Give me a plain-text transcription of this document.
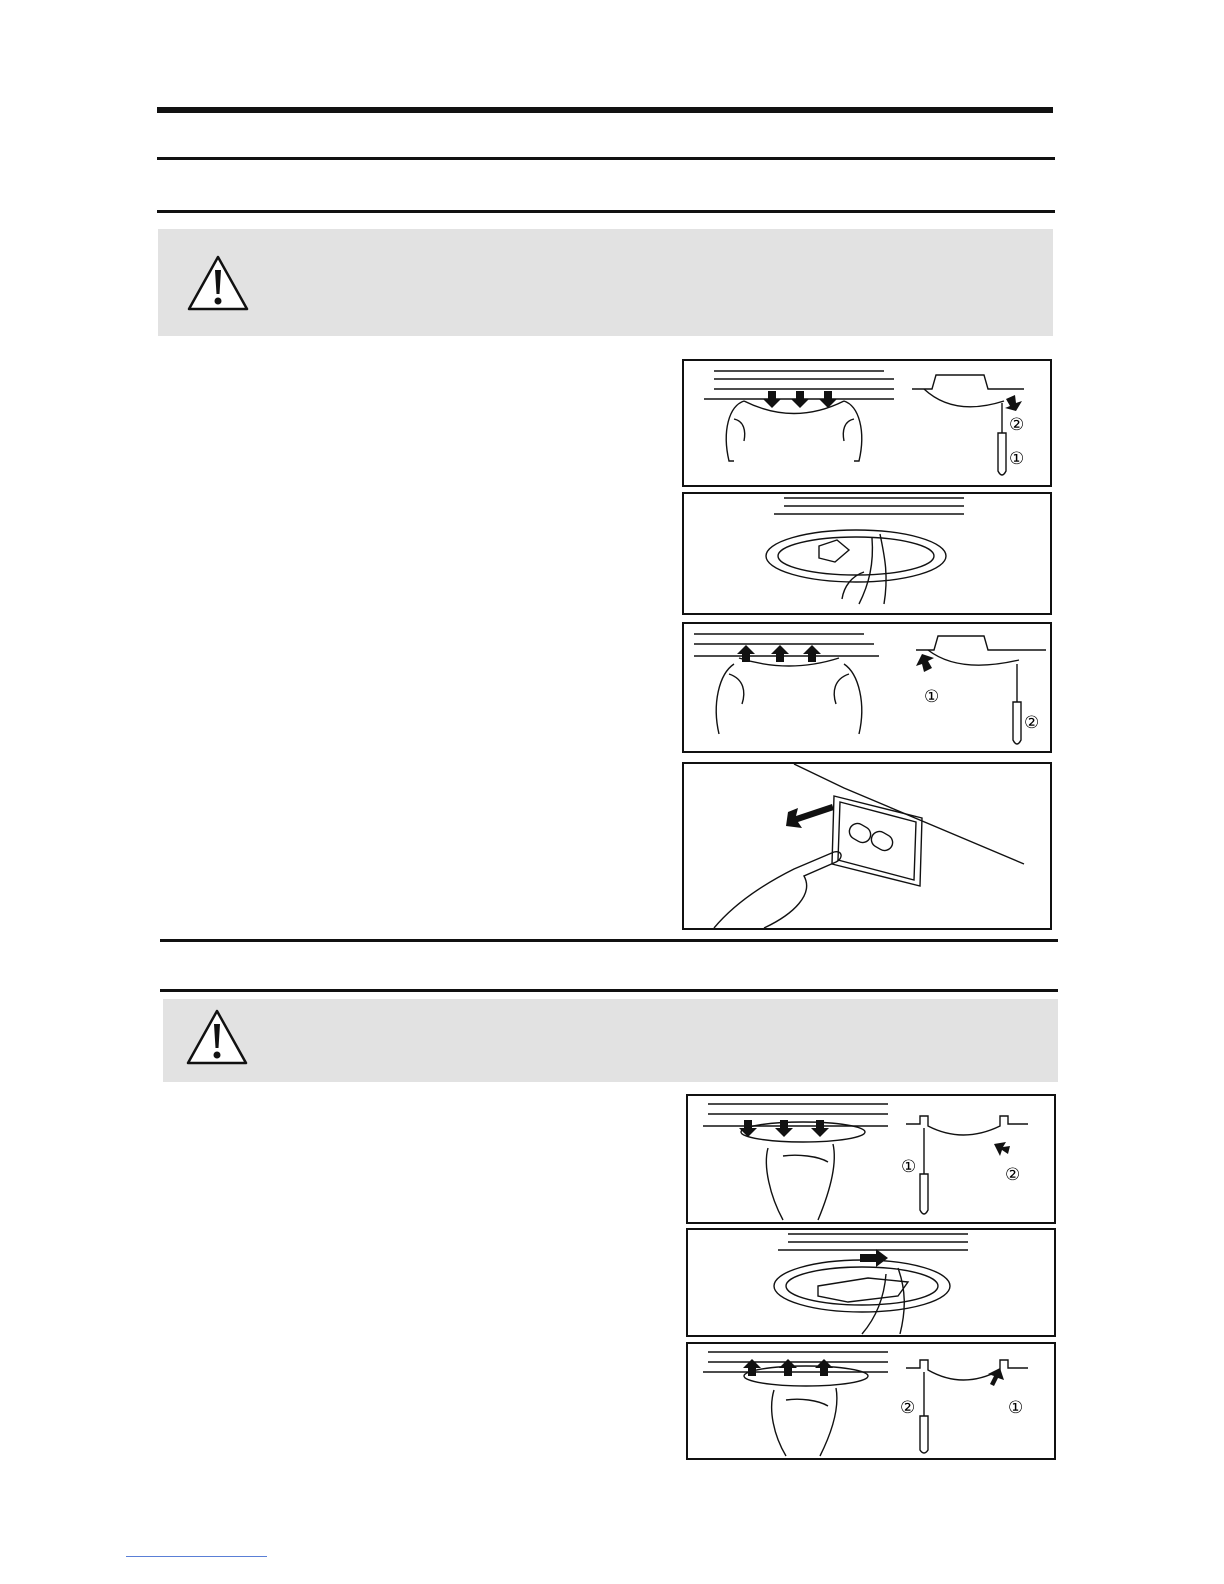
②
①
①
②
①	②
②	①
